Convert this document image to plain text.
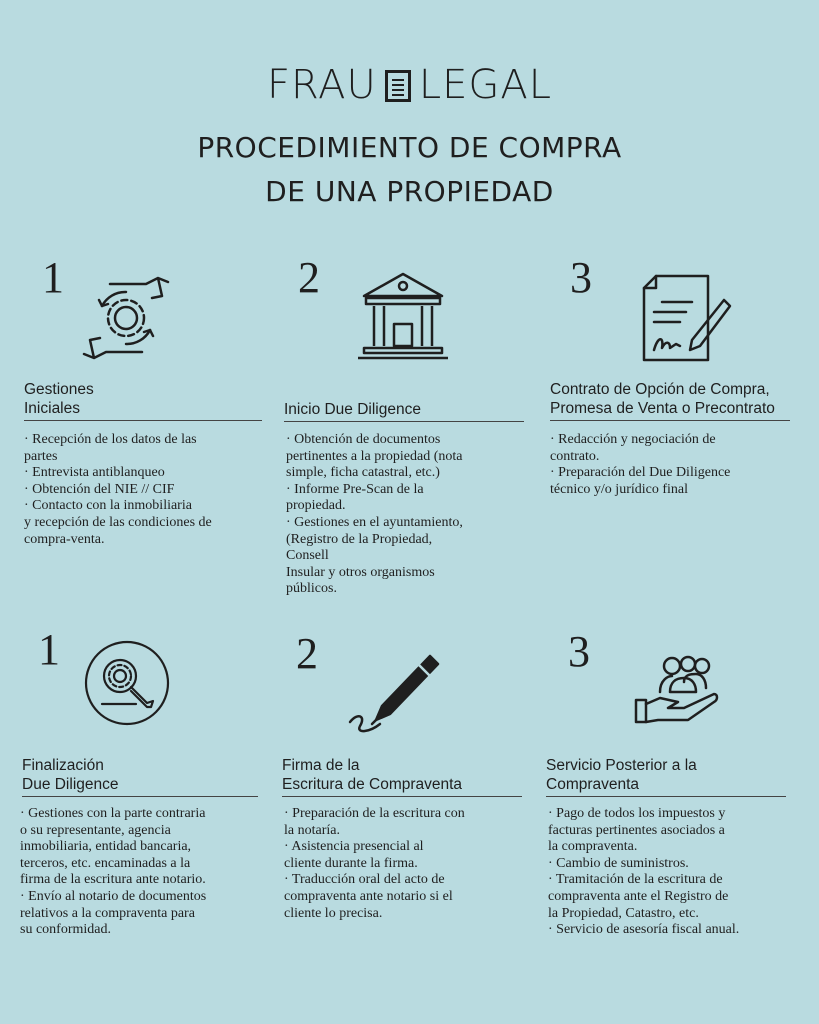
FRAU LEGAL
PROCEDIMIENTO DE COMPRA
DE UNA PROPIEDAD
1
Gestiones
Iniciales
· Recepción de los datos de las
partes
· Entrevista antiblanqueo
· Obtención del NIE // CIF
· Contacto con la inmobiliaria
y recepción de las condiciones de
compra-venta.
2
Inicio Due Diligence
· Obtención de documentos
pertinentes a la propiedad (nota
simple, ficha catastral, etc.)
· Informe Pre-Scan de la
propiedad.
· Gestiones en el ayuntamiento,
(Registro de la Propiedad,
Consell
Insular y otros organismos
públicos.
3
Contrato de Opción de Compra,
Promesa de Venta o Precontrato
· Redacción y negociación de
contrato.
· Preparación del Due Diligence
técnico y/o jurídico final
1
Finalización
Due Diligence
· Gestiones con la parte contraria
o su representante, agencia
inmobiliaria, entidad bancaria,
terceros, etc. encaminadas a la
firma de la escritura ante notario.
· Envío al notario de documentos
relativos a la compraventa para
su conformidad.
2
Firma de la
Escritura de Compraventa
· Preparación de la escritura con
la notaría.
· Asistencia presencial al
cliente durante la firma.
· Traducción oral del acto de
compraventa ante notario si el
cliente lo precisa.
3
Servicio Posterior a la
Compraventa
· Pago de todos los impuestos y
facturas pertinentes asociados a
la compraventa.
· Cambio de suministros.
· Tramitación de la escritura de
compraventa ante el Registro de
la Propiedad, Catastro, etc.
· Servicio de asesoría fiscal anual.
